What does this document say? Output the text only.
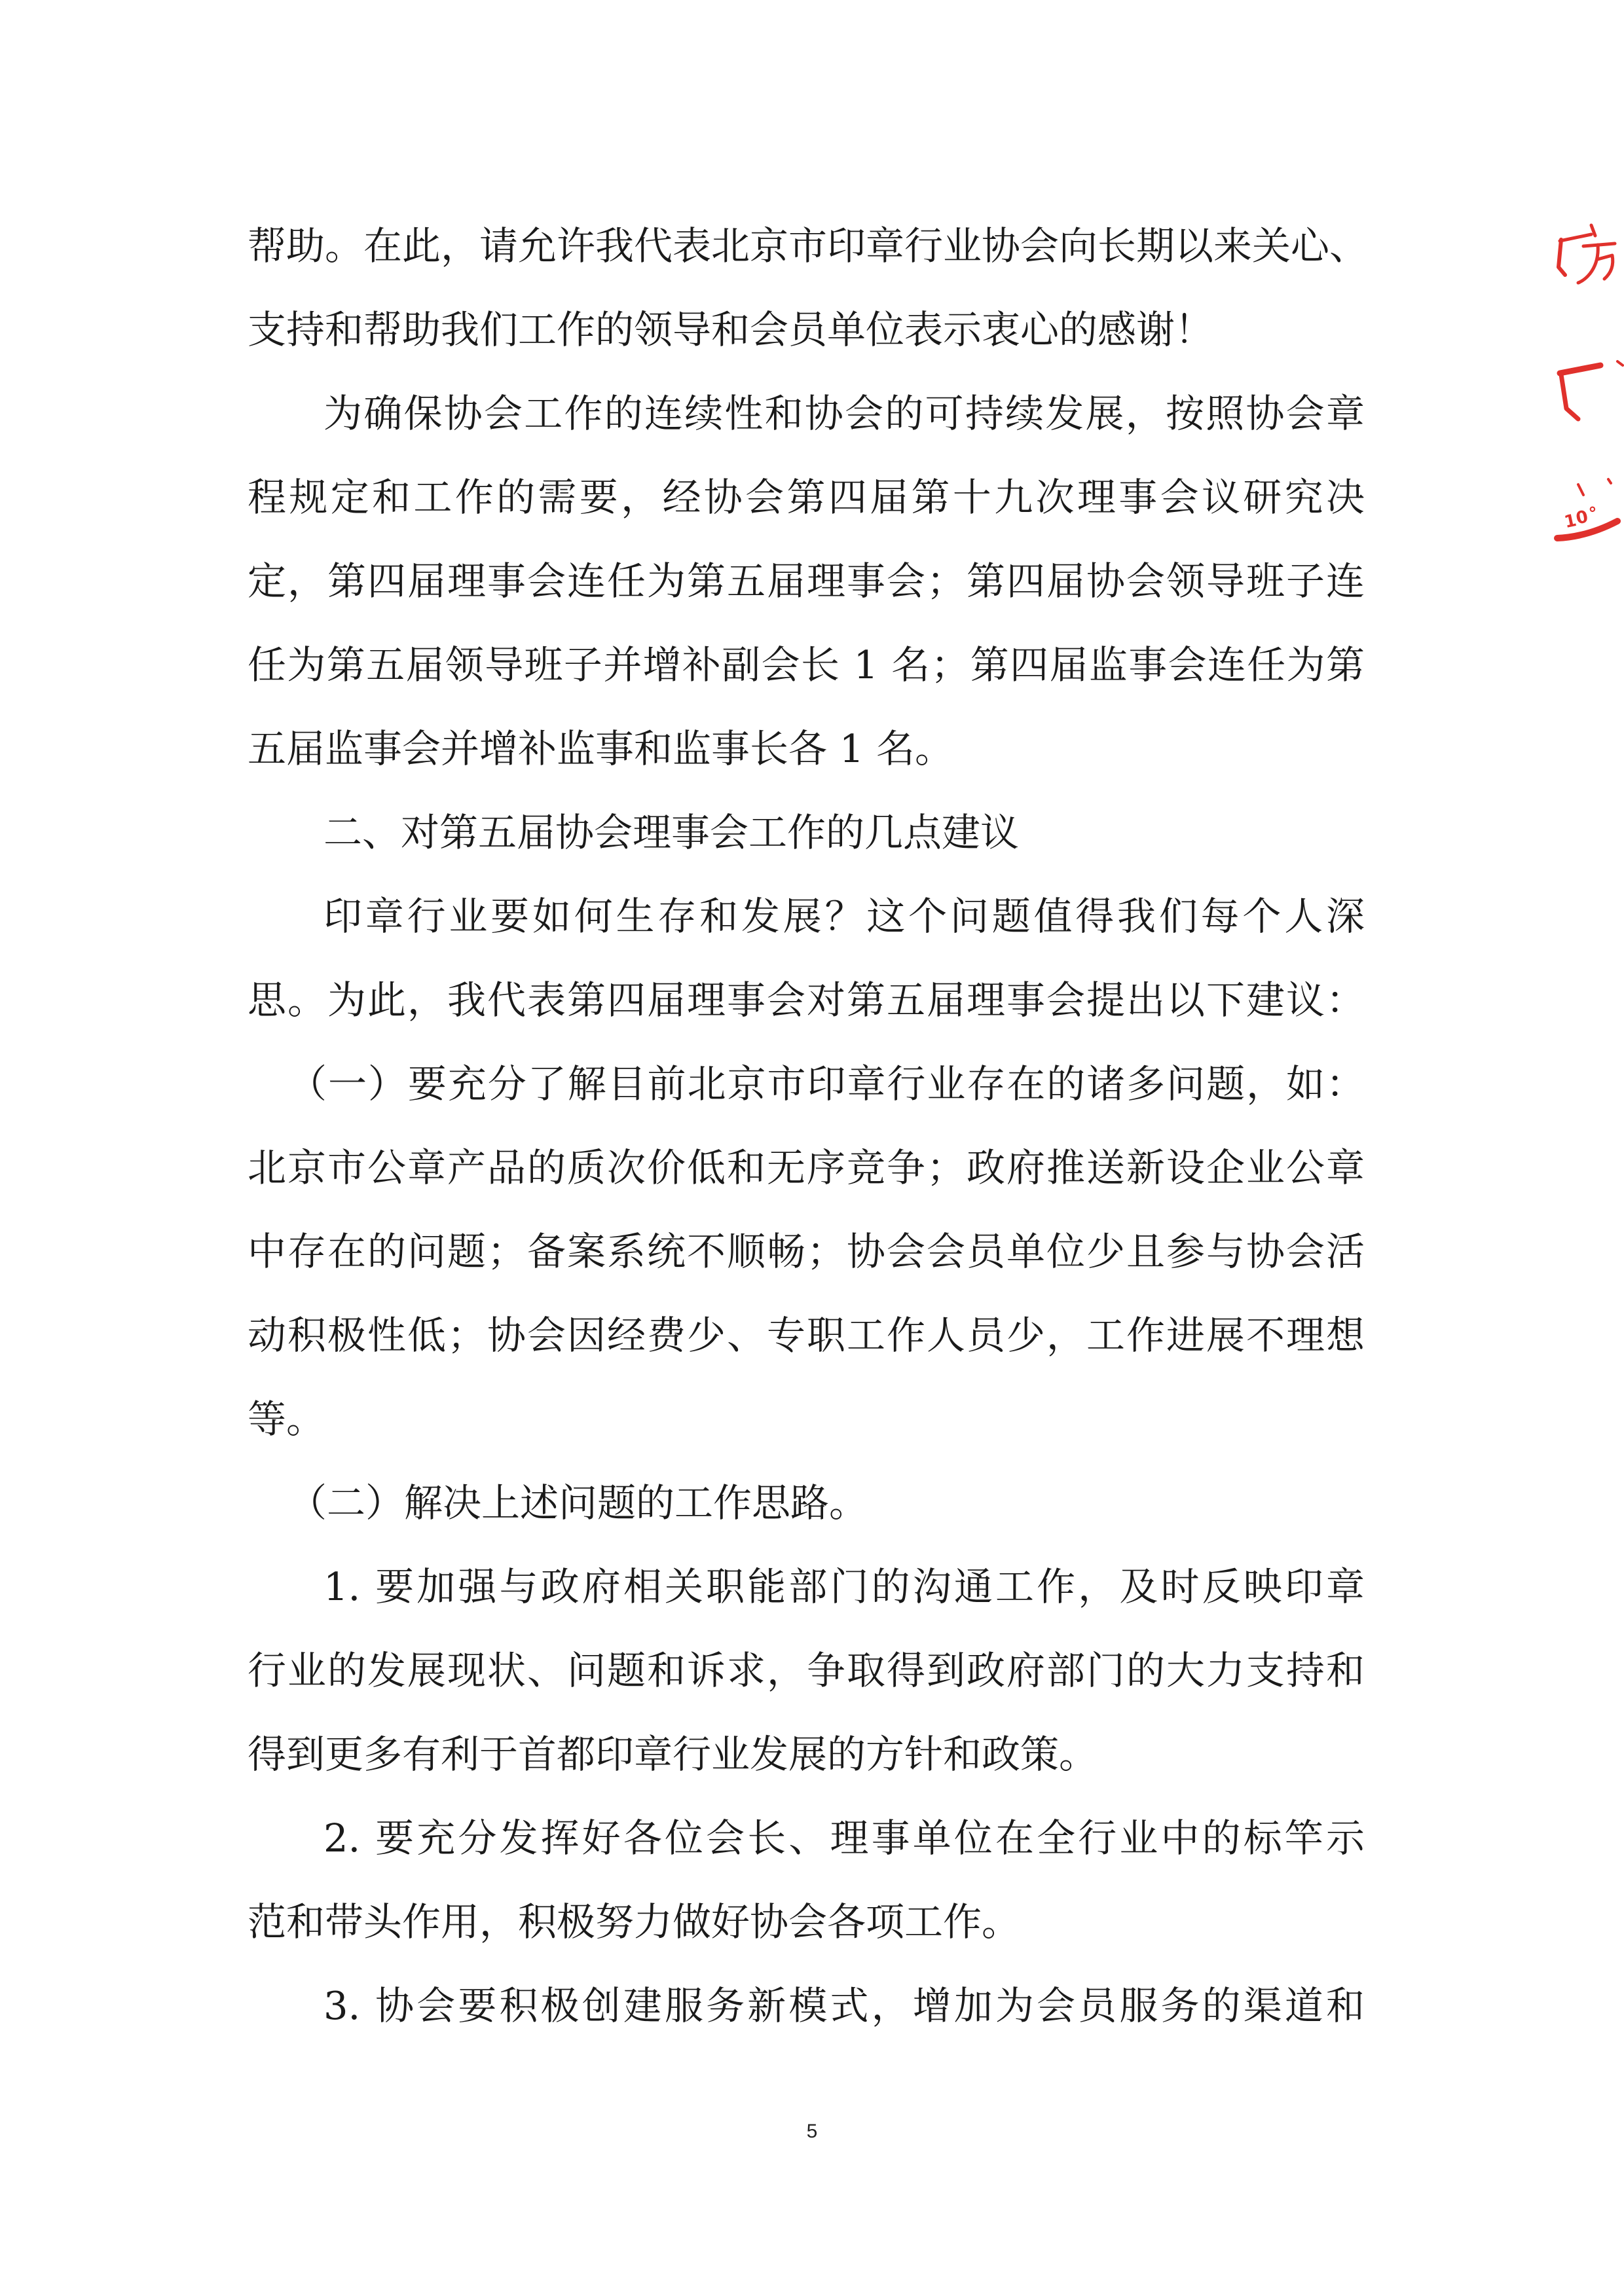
帮助。在此，请允许我代表北京市印章行业协会向长期以来关心、
支持和帮助我们工作的领导和会员单位表示衷心的感谢！
为确保协会工作的连续性和协会的可持续发展，按照协会章
程规定和工作的需要，经协会第四届第十九次理事会议研究决
定，第四届理事会连任为第五届理事会；第四届协会领导班子连
任为第五届领导班子并增补副会长 1 名；第四届监事会连任为第
五届监事会并增补监事和监事长各 1 名。
二、对第五届协会理事会工作的几点建议
印章行业要如何生存和发展？这个问题值得我们每个人深
思。为此，我代表第四届理事会对第五届理事会提出以下建议：
（一）要充分了解目前北京市印章行业存在的诸多问题，如：
北京市公章产品的质次价低和无序竞争；政府推送新设企业公章
中存在的问题；备案系统不顺畅；协会会员单位少且参与协会活
动积极性低；协会因经费少、专职工作人员少，工作进展不理想
等。
（二）解决上述问题的工作思路。
1. 要加强与政府相关职能部门的沟通工作，及时反映印章
行业的发展现状、问题和诉求，争取得到政府部门的大力支持和
得到更多有利于首都印章行业发展的方针和政策。
2. 要充分发挥好各位会长、理事单位在全行业中的标竿示
范和带头作用，积极努力做好协会各项工作。
3. 协会要积极创建服务新模式，增加为会员服务的渠道和
5
1
0
°
